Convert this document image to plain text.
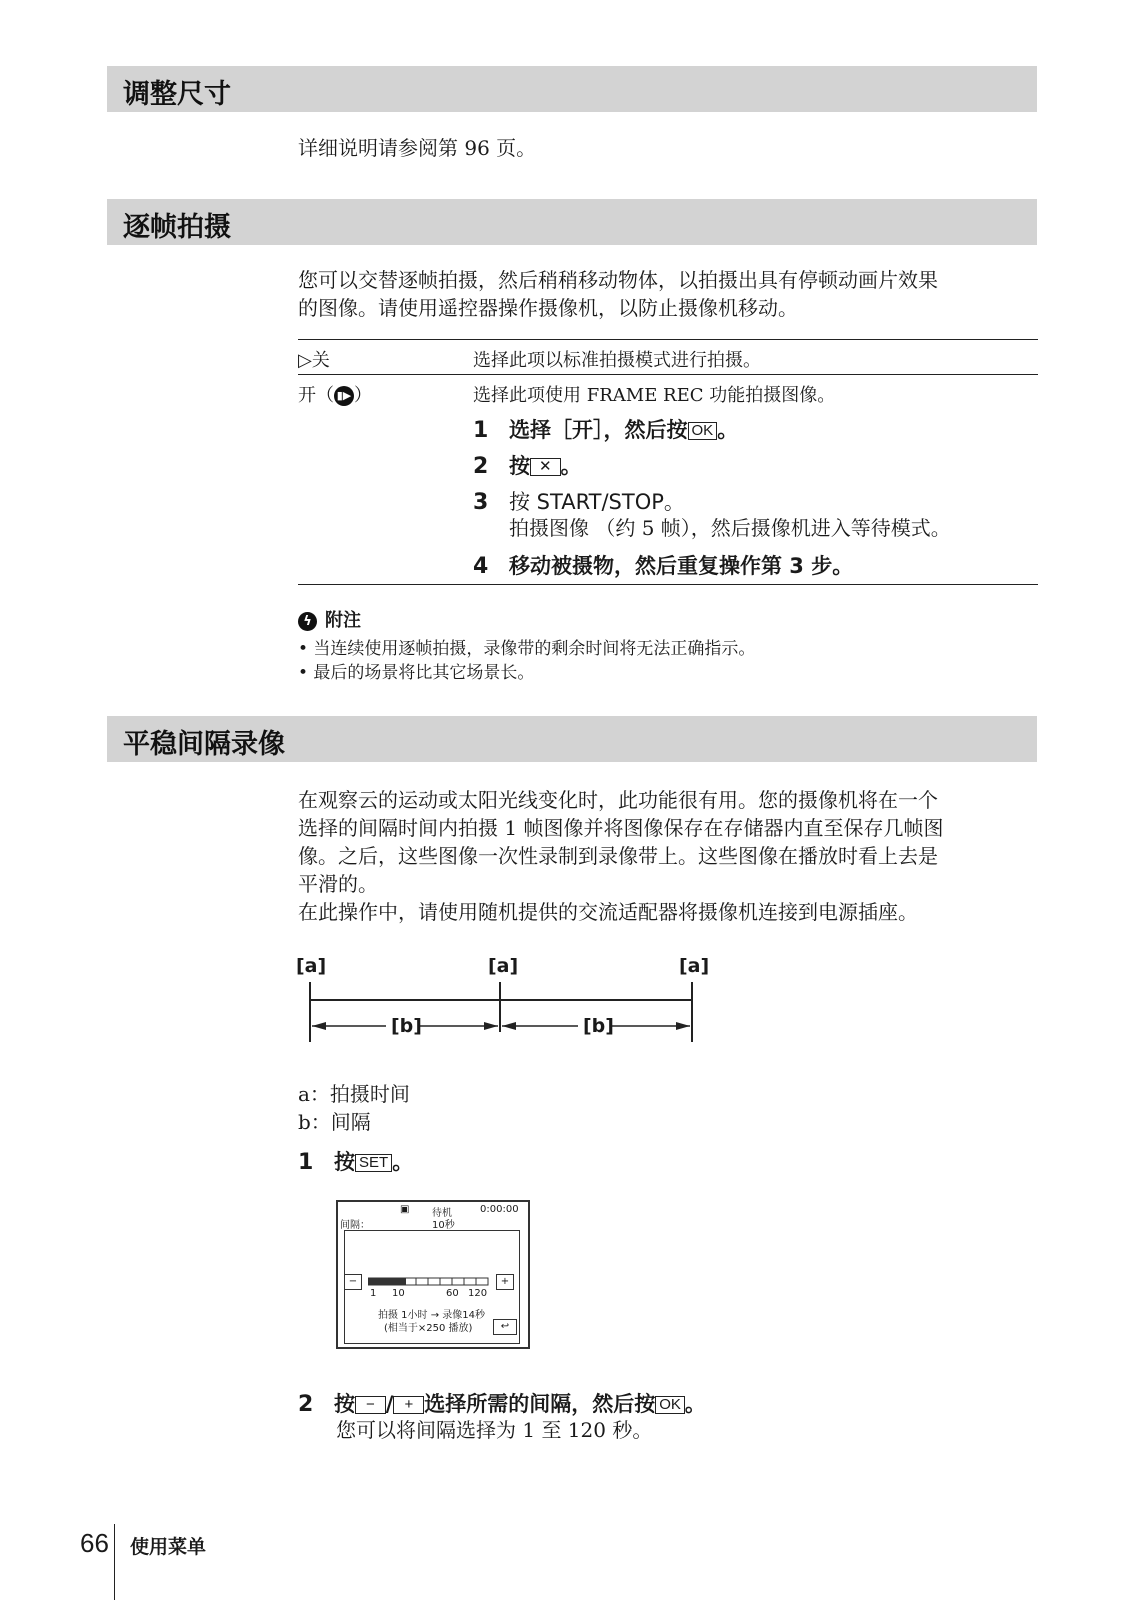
调整尺寸
详细说明请参阅第 96 页。
逐帧拍摄
您可以交替逐帧拍摄，然后稍稍移动物体，以拍摄出具有停顿动画片效果
的图像。请使用遥控器操作摄像机，以防止摄像机移动。
▷关	选择此项以标准拍摄模式进行拍摄。
开（ ▮▶ ）	选择此项使用 FRAME REC 功能拍摄图像。
1 选择［开］，然后按 OK 。
2 按 ✕ 。
3 按 START/STOP。
拍摄图像 （约 5 帧），然后摄像机进入等待模式。
4 移动被摄物，然后重复操作第 3 步。
ϟ 附注
• 当连续使用逐帧拍摄，录像带的剩余时间将无法正确指示。
• 最后的场景将比其它场景长。
平稳间隔录像
在观察云的运动或太阳光线变化时，此功能很有用。您的摄像机将在一个
选择的间隔时间内拍摄 1 帧图像并将图像保存在存储器内直至保存几帧图
像。之后，这些图像一次性录制到录像带上。这些图像在播放时看上去是
平滑的。
在此操作中，请使用随机提供的交流适配器将摄像机连接到电源插座。
[a]	[a]	[a]
[b]	[b]
a：拍摄时间
b：间隔
1 按 SET 。
▣ 待机	0:00:00
间隔：	10秒
−	+
1 10	60 120
拍摄 1小时 → 录像14秒
(相当于×250 播放)	↩
2 按 − / + 选择所需的间隔，然后按 OK 。
您可以将间隔选择为 1 至 120 秒。
66 使用菜单
